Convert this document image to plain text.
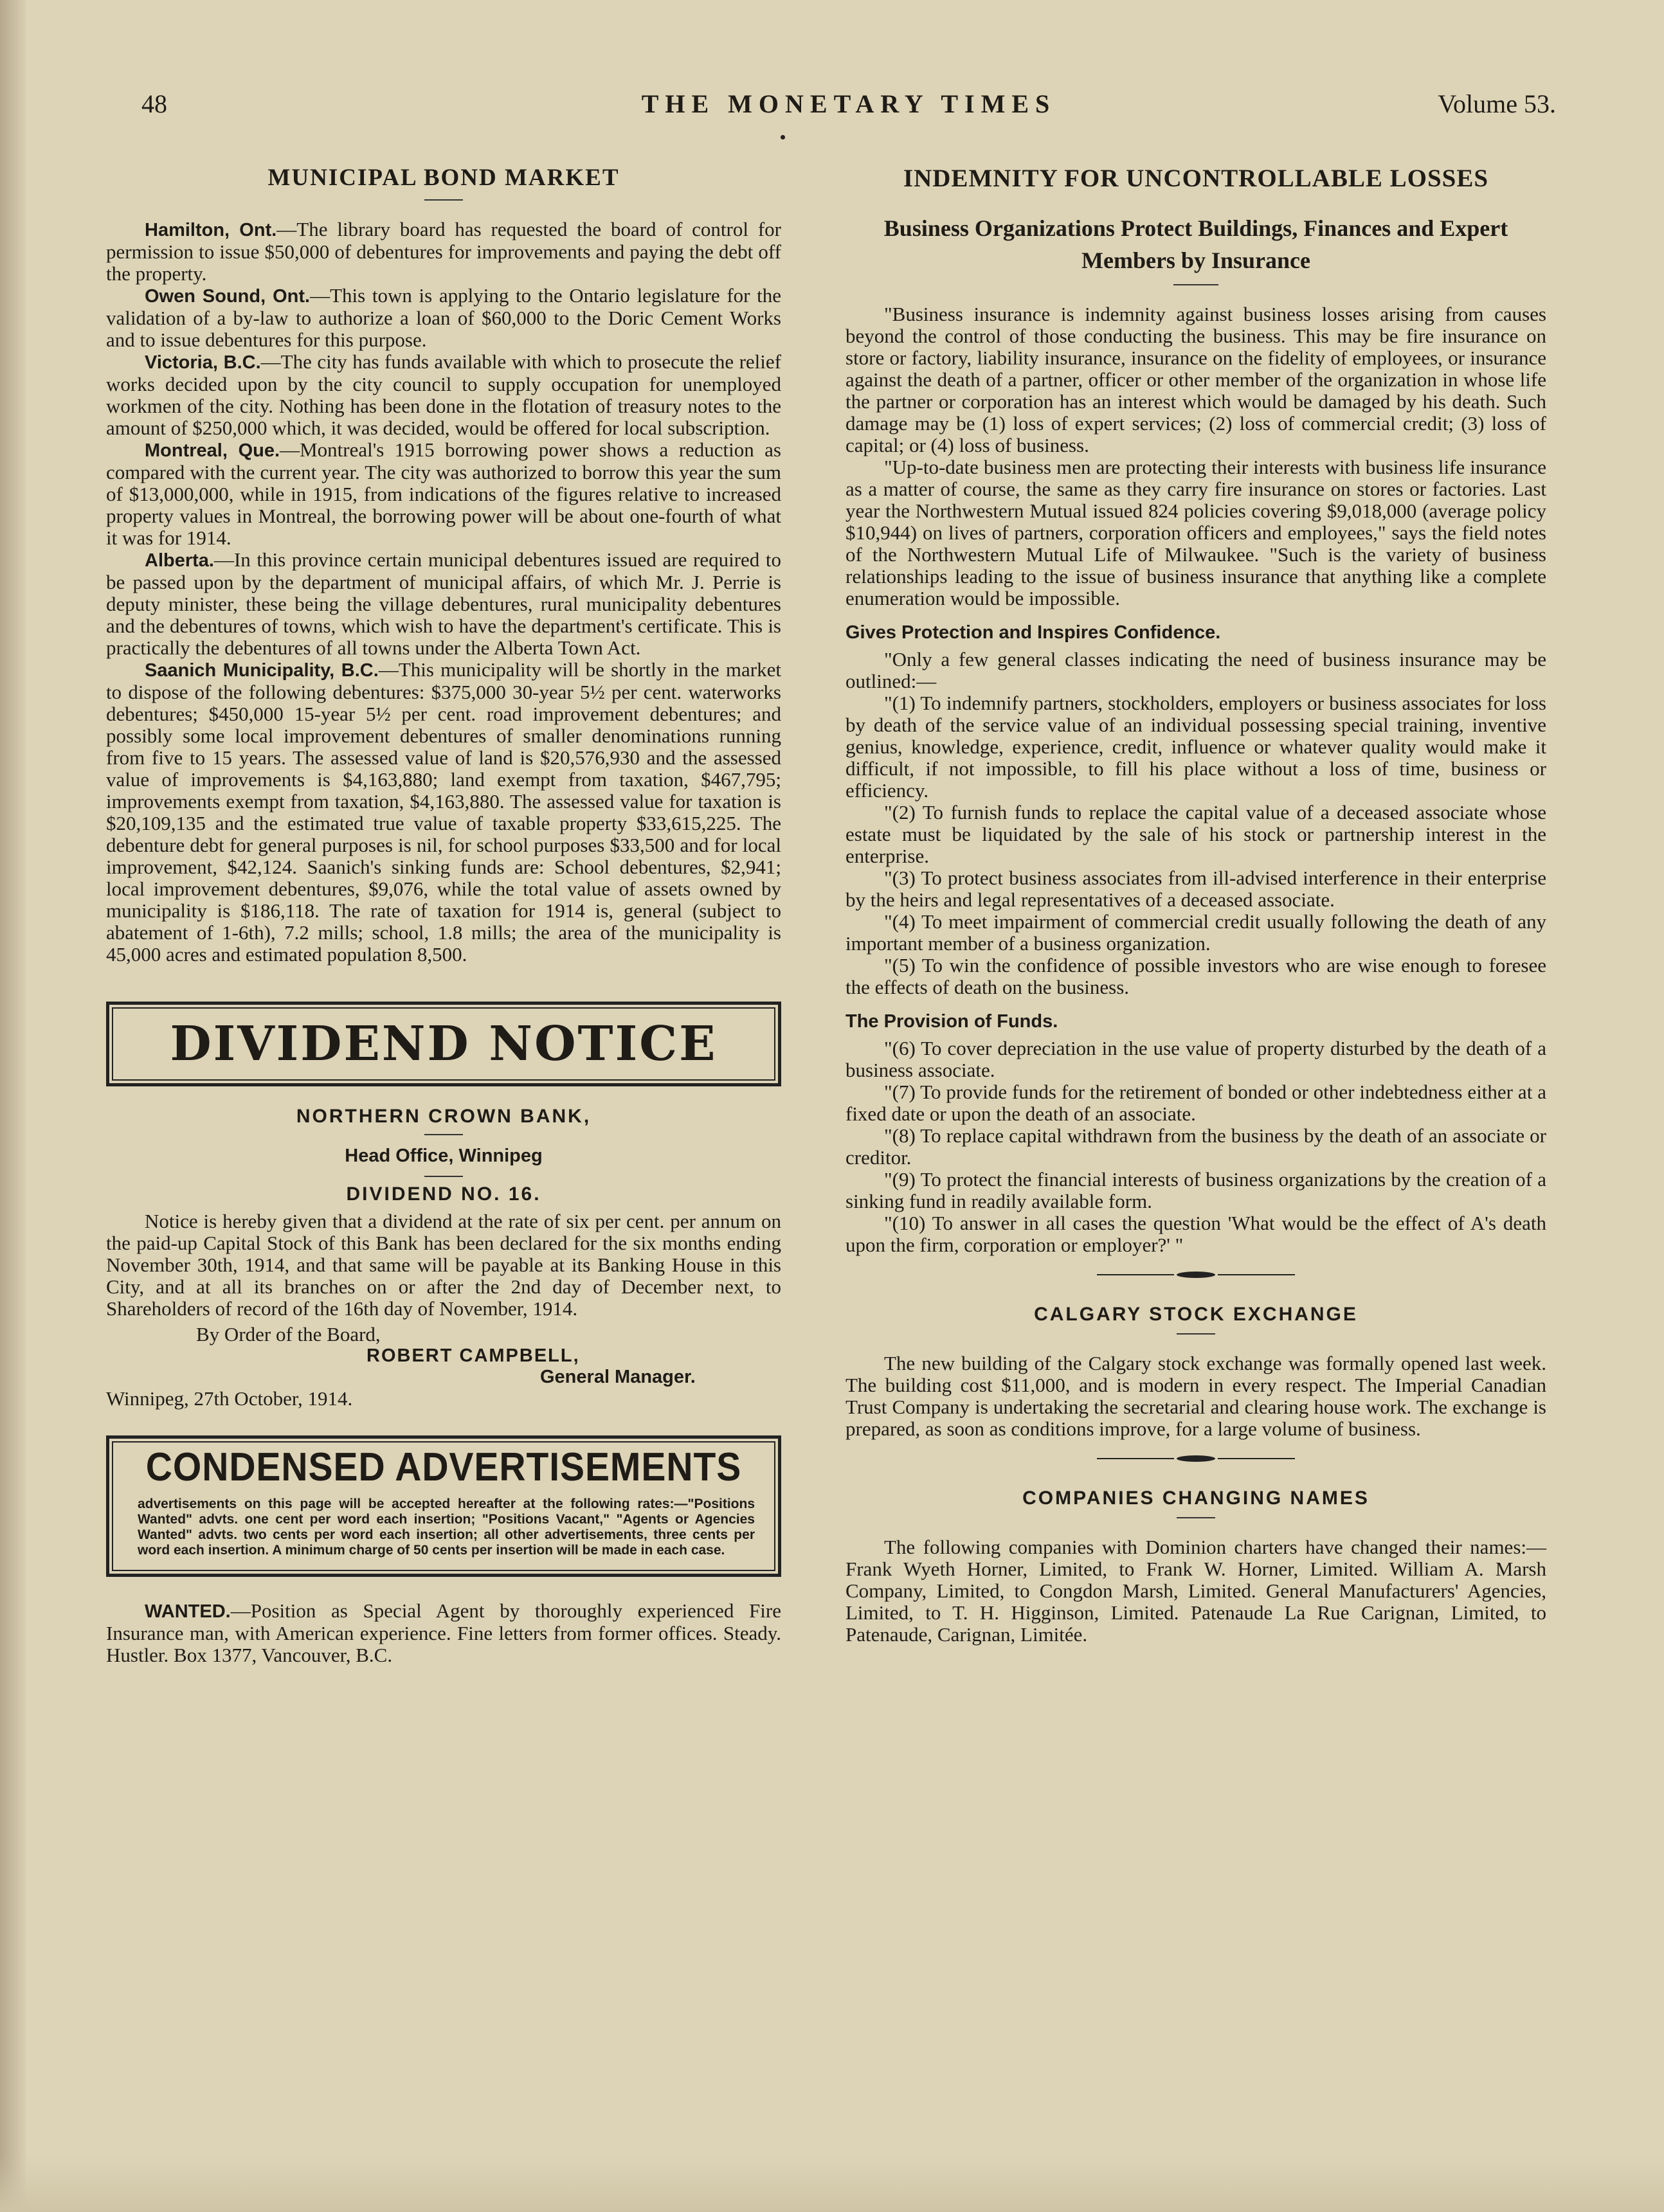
48	THE MONETARY TIMES	Volume 53.
MUNICIPAL BOND MARKET

Hamilton, Ont.—The library board has requested the board of control for permission to issue $50,000 of debentures for improvements and paying the debt off the property.

Owen Sound, Ont.—This town is applying to the Ontario legislature for the validation of a by-law to authorize a loan of $60,000 to the Doric Cement Works and to issue debentures for this purpose.

Victoria, B.C.—The city has funds available with which to prosecute the relief works decided upon by the city council to supply occupation for unemployed workmen of the city. Nothing has been done in the flotation of treasury notes to the amount of $250,000 which, it was decided, would be offered for local subscription.

Montreal, Que.—Montreal's 1915 borrowing power shows a reduction as compared with the current year. The city was authorized to borrow this year the sum of $13,000,000, while in 1915, from indications of the figures relative to increased property values in Montreal, the borrowing power will be about one-fourth of what it was for 1914.

Alberta.—In this province certain municipal debentures issued are required to be passed upon by the department of municipal affairs, of which Mr. J. Perrie is deputy minister, these being the village debentures, rural municipality debentures and the debentures of towns, which wish to have the department's certificate. This is practically the debentures of all towns under the Alberta Town Act.

Saanich Municipality, B.C.—This municipality will be shortly in the market to dispose of the following debentures: $375,000 30-year 5½ per cent. waterworks debentures; $450,000 15-year 5½ per cent. road improvement debentures; and possibly some local improvement debentures of smaller denominations running from five to 15 years. The assessed value of land is $20,576,930 and the assessed value of improvements is $4,163,880; land exempt from taxation, $467,795; improvements exempt from taxation, $4,163,880. The assessed value for taxation is $20,109,135 and the estimated true value of taxable property $33,615,225. The debenture debt for general purposes is nil, for school purposes $33,500 and for local improvement, $42,124. Saanich's sinking funds are: School debentures, $2,941; local improvement debentures, $9,076, while the total value of assets owned by municipality is $186,118. The rate of taxation for 1914 is, general (subject to abatement of 1-6th), 7.2 mills; school, 1.8 mills; the area of the municipality is 45,000 acres and estimated population 8,500.

DIVIDEND NOTICE
NORTHERN CROWN BANK,
Head Office, Winnipeg
DIVIDEND NO. 16.

Notice is hereby given that a dividend at the rate of six per cent. per annum on the paid-up Capital Stock of this Bank has been declared for the six months ending November 30th, 1914, and that same will be payable at its Banking House in this City, and at all its branches on or after the 2nd day of December next, to Shareholders of record of the 16th day of November, 1914.

By Order of the Board,

ROBERT CAMPBELL,
General Manager.

Winnipeg, 27th October, 1914.

CONDENSED ADVERTISEMENTS
advertisements on this page will be accepted hereafter at the following rates:—"Positions Wanted" advts. one cent per word each insertion; "Positions Vacant," "Agents or Agencies Wanted" advts. two cents per word each insertion; all other advertisements, three cents per word each insertion. A minimum charge of 50 cents per insertion will be made in each case.

WANTED.—Position as Special Agent by thoroughly experienced Fire Insurance man, with American experience. Fine letters from former offices. Steady. Hustler. Box 1377, Vancouver, B.C.

INDEMNITY FOR UNCONTROLLABLE LOSSES
Business Organizations Protect Buildings, Finances and Expert Members by Insurance

"Business insurance is indemnity against business losses arising from causes beyond the control of those conducting the business. This may be fire insurance on store or factory, liability insurance, insurance on the fidelity of employees, or insurance against the death of a partner, officer or other member of the organization in whose life the partner or corporation has an interest which would be damaged by his death. Such damage may be (1) loss of expert services; (2) loss of commercial credit; (3) loss of capital; or (4) loss of business.

"Up-to-date business men are protecting their interests with business life insurance as a matter of course, the same as they carry fire insurance on stores or factories. Last year the Northwestern Mutual issued 824 policies covering $9,018,000 (average policy $10,944) on lives of partners, corporation officers and employees," says the field notes of the Northwestern Mutual Life of Milwaukee. "Such is the variety of business relationships leading to the issue of business insurance that anything like a complete enumeration would be impossible.

Gives Protection and Inspires Confidence.

"Only a few general classes indicating the need of business insurance may be outlined:—

"(1) To indemnify partners, stockholders, employers or business associates for loss by death of the service value of an individual possessing special training, inventive genius, knowledge, experience, credit, influence or whatever quality would make it difficult, if not impossible, to fill his place without a loss of time, business or efficiency.

"(2) To furnish funds to replace the capital value of a deceased associate whose estate must be liquidated by the sale of his stock or partnership interest in the enterprise.

"(3) To protect business associates from ill-advised interference in their enterprise by the heirs and legal representatives of a deceased associate.

"(4) To meet impairment of commercial credit usually following the death of any important member of a business organization.

"(5) To win the confidence of possible investors who are wise enough to foresee the effects of death on the business.

The Provision of Funds.

"(6) To cover depreciation in the use value of property disturbed by the death of a business associate.

"(7) To provide funds for the retirement of bonded or other indebtedness either at a fixed date or upon the death of an associate.

"(8) To replace capital withdrawn from the business by the death of an associate or creditor.

"(9) To protect the financial interests of business organizations by the creation of a sinking fund in readily available form.

"(10) To answer in all cases the question 'What would be the effect of A's death upon the firm, corporation or employer?' "

CALGARY STOCK EXCHANGE

The new building of the Calgary stock exchange was formally opened last week. The building cost $11,000, and is modern in every respect. The Imperial Canadian Trust Company is undertaking the secretarial and clearing house work. The exchange is prepared, as soon as conditions improve, for a large volume of business.

COMPANIES CHANGING NAMES

The following companies with Dominion charters have changed their names:—Frank Wyeth Horner, Limited, to Frank W. Horner, Limited. William A. Marsh Company, Limited, to Congdon Marsh, Limited. General Manufacturers' Agencies, Limited, to T. H. Higginson, Limited. Patenaude La Rue Carignan, Limited, to Patenaude, Carignan, Limitée.
